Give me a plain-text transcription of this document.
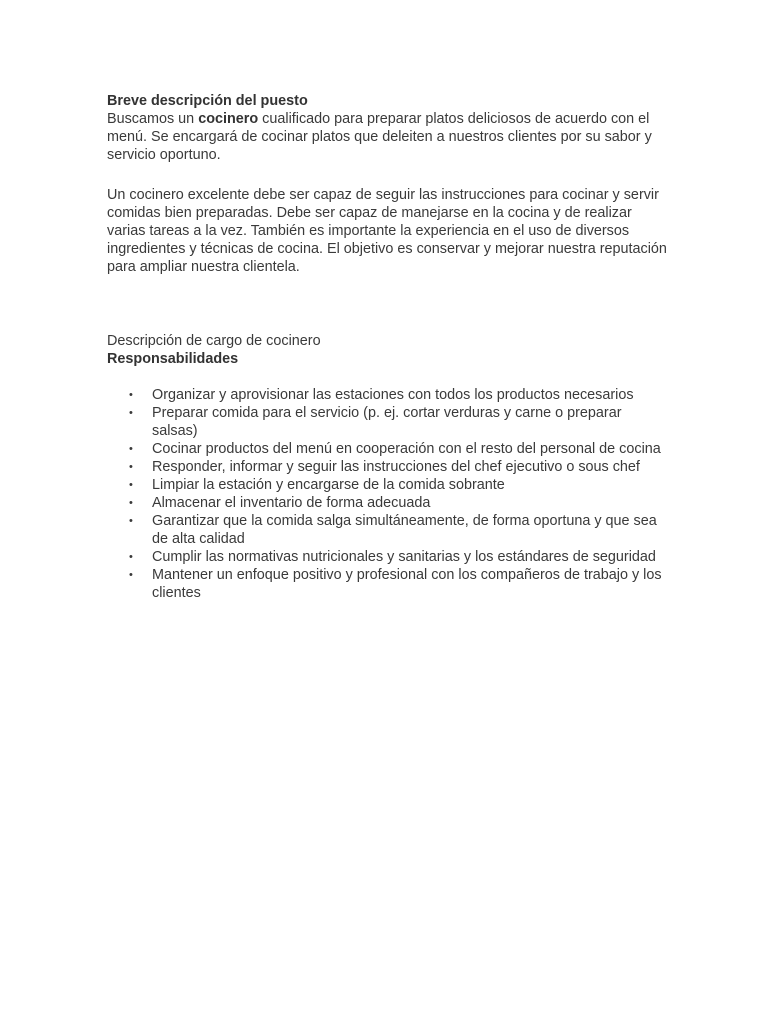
Breve descripción del puesto

Buscamos un cocinero cualificado para preparar platos deliciosos de acuerdo con el menú. Se encargará de cocinar platos que deleiten a nuestros clientes por su sabor y servicio oportuno.

Un cocinero excelente debe ser capaz de seguir las instrucciones para cocinar y servir comidas bien preparadas. Debe ser capaz de manejarse en la cocina y de realizar varias tareas a la vez. También es importante la experiencia en el uso de diversos ingredientes y técnicas de cocina. El objetivo es conservar y mejorar nuestra reputación para ampliar nuestra clientela.

Descripción de cargo de cocinero

Responsabilidades

• Organizar y aprovisionar las estaciones con todos los productos necesarios
• Preparar comida para el servicio (p. ej. cortar verduras y carne o preparar salsas)
• Cocinar productos del menú en cooperación con el resto del personal de cocina
• Responder, informar y seguir las instrucciones del chef ejecutivo o sous chef
• Limpiar la estación y encargarse de la comida sobrante
• Almacenar el inventario de forma adecuada
• Garantizar que la comida salga simultáneamente, de forma oportuna y que sea de alta calidad
• Cumplir las normativas nutricionales y sanitarias y los estándares de seguridad
• Mantener un enfoque positivo y profesional con los compañeros de trabajo y los clientes
